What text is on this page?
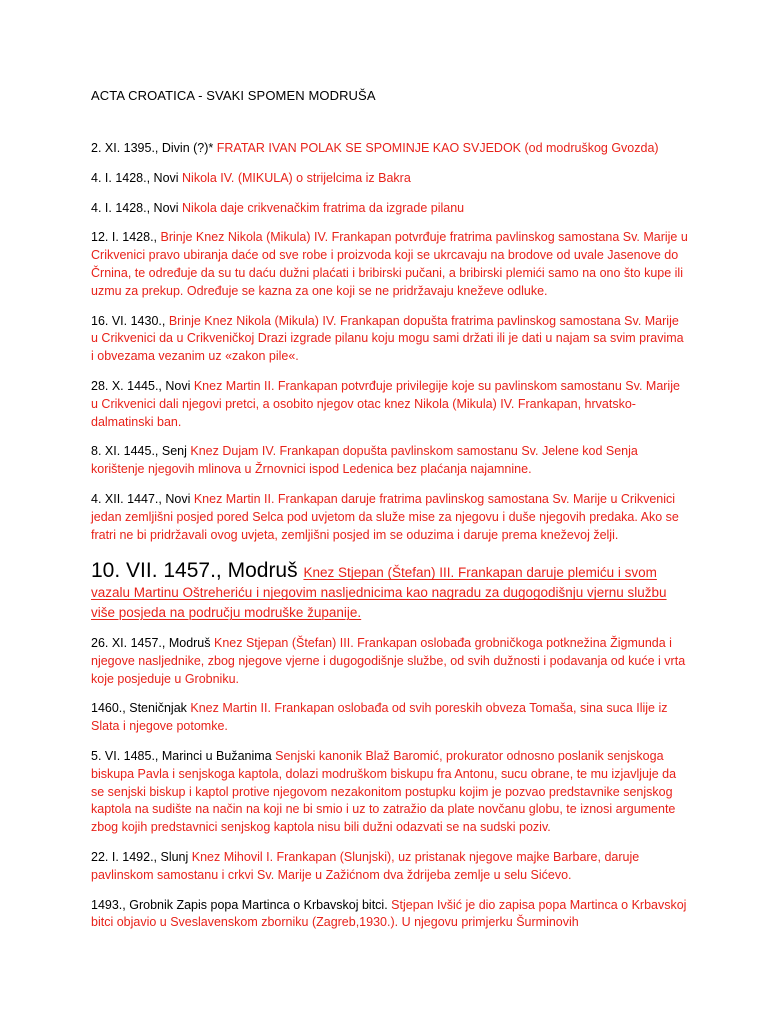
ACTA CROATICA - SVAKI SPOMEN MODRUŠA

2. XI. 1395., Divin (?)* FRATAR IVAN POLAK SE SPOMINJE KAO SVJEDOK (od modruškog Gvozda)

4. I. 1428., Novi Nikola IV. (MIKULA) o strijelcima iz Bakra

4. I. 1428., Novi Nikola daje crikvenačkim fratrima da izgrade pilanu

12. I. 1428., Brinje Knez Nikola (Mikula) IV. Frankapan potvrđuje fratrima pavlinskog samostana Sv. Marije u Crikvenici pravo ubiranja daće od sve robe i proizvoda koji se ukrcavaju na brodove od uvale Jasenove do Črnina, te određuje da su tu daću dužni plaćati i bribirski pučani, a bribirski plemići samo na ono što kupe ili uzmu za prekup. Određuje se kazna za one koji se ne pridržavaju kneževe odluke.

16. VI. 1430., Brinje Knez Nikola (Mikula) IV. Frankapan dopušta fratrima pavlinskog samostana Sv. Marije u Crikvenici da u Crikveničkoj Drazi izgrade pilanu koju mogu sami držati ili je dati u najam sa svim pravima i obvezama vezanim uz «zakon pile«.

28. X. 1445., Novi Knez Martin II. Frankapan potvrđuje privilegije koje su pavlinskom samostanu Sv. Marije u Crikvenici dali njegovi pretci, a osobito njegov otac knez Nikola (Mikula) IV. Frankapan, hrvatsko-dalmatinski ban.

8. XI. 1445., Senj Knez Dujam IV. Frankapan dopušta pavlinskom samostanu Sv. Jelene kod Senja korištenje njegovih mlinova u Žrnovnici ispod Ledenica bez plaćanja najamnine.

4. XII. 1447., Novi Knez Martin II. Frankapan daruje fratrima pavlinskog samostana Sv. Marije u Crikvenici jedan zemljišni posjed pored Selca pod uvjetom da služe mise za njegovu i duše njegovih predaka. Ako se fratri ne bi pridržavali ovog uvjeta, zemljišni posjed im se oduzima i daruje prema kneževoj želji.

10. VII. 1457., Modruš Knez Stjepan (Štefan) III. Frankapan daruje plemiću i svom vazalu Martinu Oštreheriću i njegovim nasljednicima kao nagradu za dugogodišnju vjernu službu više posjeda na području modruške županije.

26. XI. 1457., Modruš Knez Stjepan (Štefan) III. Frankapan oslobađa grobničkoga potknežina Žigmunda i njegove nasljednike, zbog njegove vjerne i dugogodišnje službe, od svih dužnosti i podavanja od kuće i vrta koje posjeduje u Grobniku.

1460., Steničnjak Knez Martin II. Frankapan oslobađa od svih poreskih obveza Tomaša, sina suca Ilije iz Slata i njegove potomke.

5. VI. 1485., Marinci u Bužanima Senjski kanonik Blaž Baromić, prokurator odnosno poslanik senjskoga biskupa Pavla i senjskoga kaptola, dolazi modruškom biskupu fra Antonu, sucu obrane, te mu izjavljuje da se senjski biskup i kaptol protive njegovom nezakonitom postupku kojim je pozvao predstavnike senjskog kaptola na sudište na način na koji ne bi smio i uz to zatražio da plate novčanu globu, te iznosi argumente zbog kojih predstavnici senjskog kaptola nisu bili dužni odazvati se na sudski poziv.

22. I. 1492., Slunj Knez Mihovil I. Frankapan (Slunjski), uz pristanak njegove majke Barbare, daruje pavlinskom samostanu i crkvi Sv. Marije u Zažićnom dva ždrijeba zemlje u selu Sićevo.

1493., Grobnik Zapis popa Martinca o Krbavskoj bitci. Stjepan Ivšić je dio zapisa popa Martinca o Krbavskoj bitci objavio u Sveslavenskom zborniku (Zagreb,1930.). U njegovu primjerku Šurminovih
